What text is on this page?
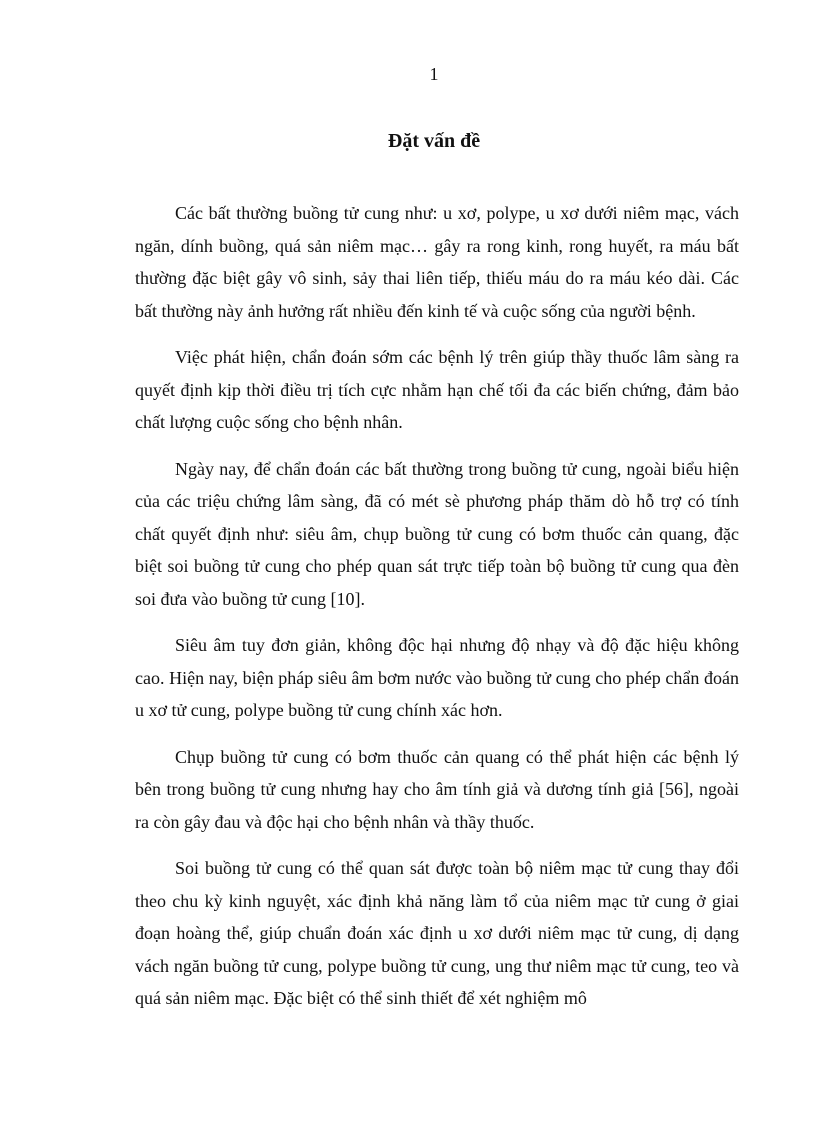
1
Đặt vấn đề

Các bất thường buồng tử cung như: u xơ, polype, u xơ dưới niêm mạc, vách ngăn, dính buồng, quá sản niêm mạc… gây ra rong kinh, rong huyết, ra máu bất thường đặc biệt gây vô sinh, sảy thai liên tiếp, thiếu máu do ra máu kéo dài. Các bất thường này ảnh hưởng rất nhiều đến kinh tế và cuộc sống của người bệnh.

Việc phát hiện, chẩn đoán sớm các bệnh lý trên giúp thầy thuốc lâm sàng ra quyết định kịp thời điều trị tích cực nhằm hạn chế tối đa các biến chứng, đảm bảo chất lượng cuộc sống cho bệnh nhân.

Ngày nay, để chẩn đoán các bất thường trong buồng tử cung, ngoài biểu hiện của các triệu chứng lâm sàng, đã có mét sè phương pháp thăm dò hỗ trợ có tính chất quyết định như: siêu âm, chụp buồng tử cung có bơm thuốc cản quang, đặc biệt soi buồng tử cung cho phép quan sát trực tiếp toàn bộ buồng tử cung qua đèn soi đưa vào buồng tử cung [10].

Siêu âm tuy đơn giản, không độc hại nhưng độ nhạy và độ đặc hiệu không cao. Hiện nay, biện pháp siêu âm bơm nước vào buồng tử cung cho phép chẩn đoán u xơ tử cung, polype buồng tử cung chính xác hơn.

Chụp buồng tử cung có bơm thuốc cản quang có thể phát hiện các bệnh lý bên trong buồng tử cung nhưng hay cho âm tính giả và dương tính giả [56], ngoài ra còn gây đau và độc hại cho bệnh nhân và thầy thuốc.

Soi buồng tử cung có thể quan sát được toàn bộ niêm mạc tử cung thay đổi theo chu kỳ kinh nguyệt, xác định khả năng làm tổ của niêm mạc tử cung ở giai đoạn hoàng thể, giúp chuẩn đoán xác định u xơ dưới niêm mạc tử cung, dị dạng vách ngăn buồng tử cung, polype buồng tử cung, ung thư niêm mạc tử cung, teo và quá sản niêm mạc. Đặc biệt có thể sinh thiết để xét nghiệm mô
